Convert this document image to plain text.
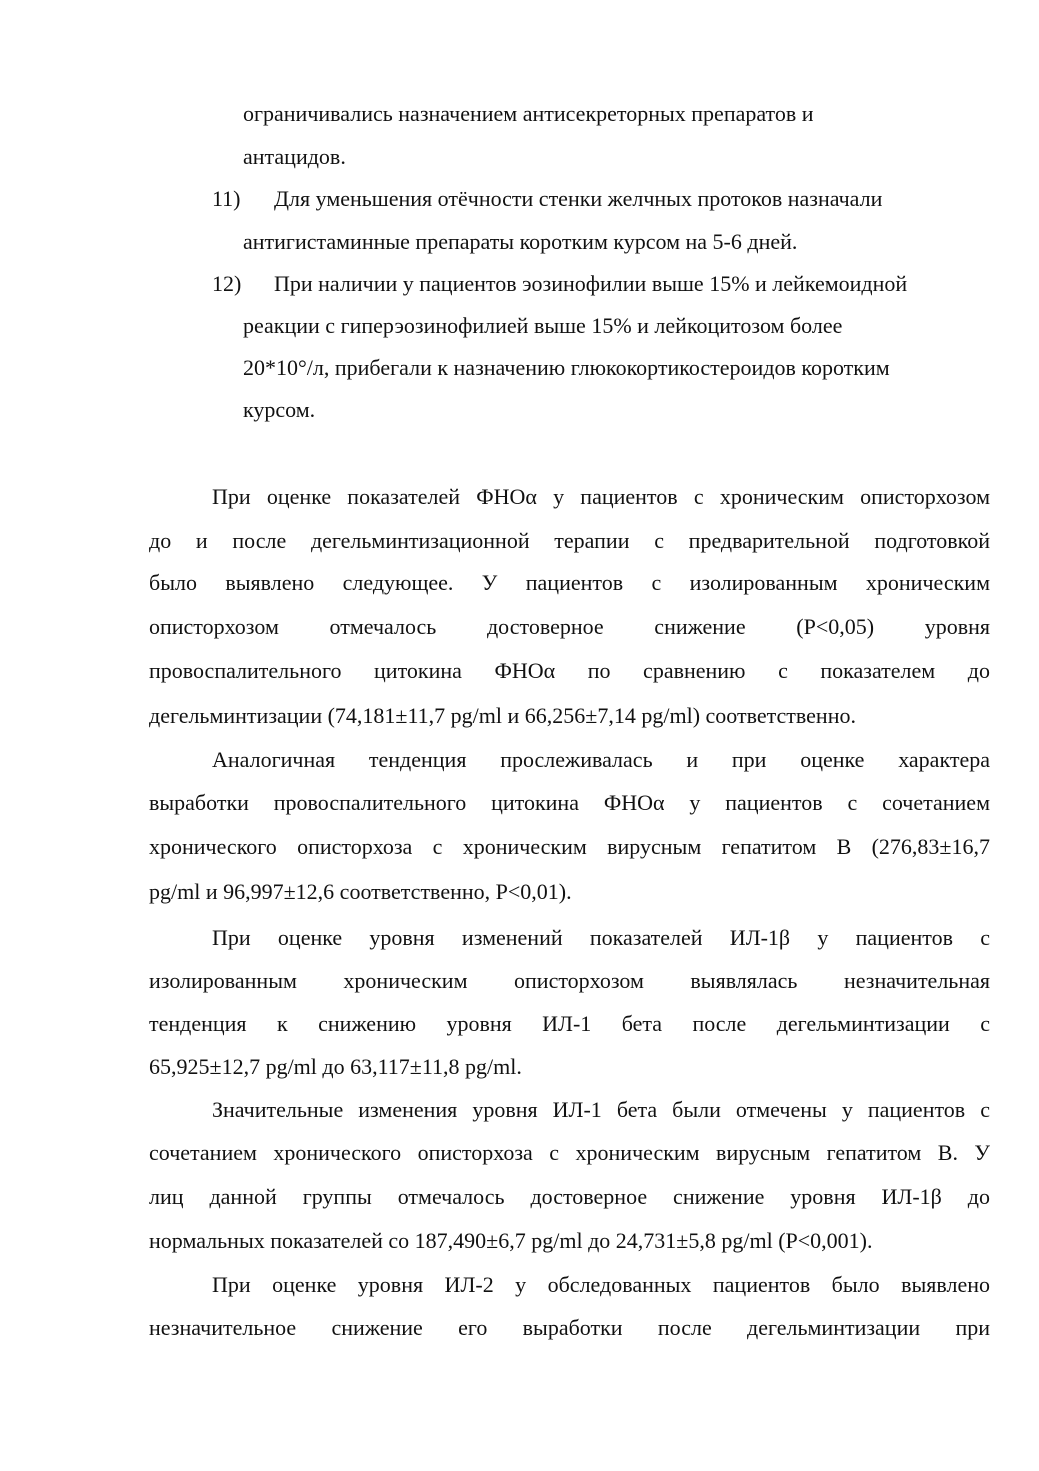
ограничивались назначением антисекреторных препаратов и
антацидов.
11) Для уменьшения отёчности стенки желчных протоков назначали
антигистаминные препараты коротким курсом на 5-6 дней.
12) При наличии у пациентов эозинофилии выше 15% и лейкемоидной
реакции с гиперэозинофилией выше 15% и лейкоцитозом более
20*10°/л, прибегали к назначению глюкокортикостероидов коротким
курсом.
При оценке показателей ФНОα у пациентов с хроническим описторхозом
до и после дегельминтизационной терапии с предварительной подготовкой
было выявлено следующее. У пациентов с изолированным хроническим
описторхозом отмечалось достоверное снижение (Р<0,05) уровня
провоспалительного цитокина ФНОα по сравнению с показателем до
дегельминтизации (74,181±11,7 pg/ml и 66,256±7,14 pg/ml) соответственно.
Аналогичная тенденция прослеживалась и при оценке характера
выработки провоспалительного цитокина ФНОα у пациентов с сочетанием
хронического описторхоза с хроническим вирусным гепатитом В (276,83±16,7
pg/ml и 96,997±12,6 соответственно, Р<0,01).
При оценке уровня изменений показателей ИЛ-1β у пациентов с
изолированным хроническим описторхозом выявлялась незначительная
тенденция к снижению уровня ИЛ-1 бета после дегельминтизации с
65,925±12,7 pg/ml до 63,117±11,8 pg/ml.
Значительные изменения уровня ИЛ-1 бета были отмечены у пациентов с
сочетанием хронического описторхоза с хроническим вирусным гепатитом В. У
лиц данной группы отмечалось достоверное снижение уровня ИЛ-1β до
нормальных показателей со 187,490±6,7 pg/ml до 24,731±5,8 pg/ml (Р<0,001).
При оценке уровня ИЛ-2 у обследованных пациентов было выявлено
незначительное снижение его выработки после дегельминтизации при
